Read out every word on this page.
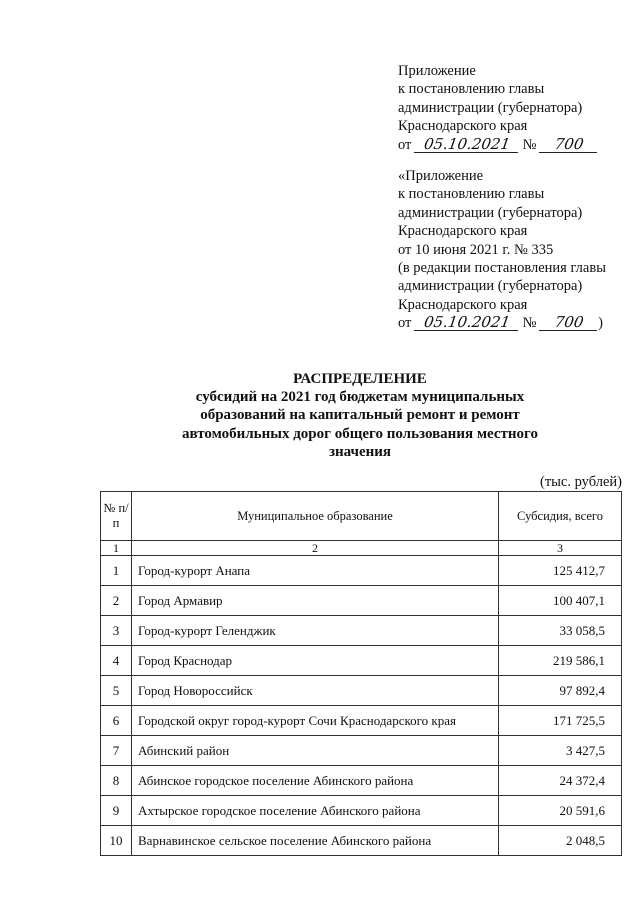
Приложение
к постановлению главы
администрации (губернатора)
Краснодарского края
от 05.10.2021 № 700
«Приложение
к постановлению главы
администрации (губернатора)
Краснодарского края
от 10 июня 2021 г. № 335
(в редакции постановления главы
администрации (губернатора)
Краснодарского края
от 05.10.2021 № 700 )
РАСПРЕДЕЛЕНИЕ
субсидий на 2021 год бюджетам муниципальных
образований на капитальный ремонт и ремонт
автомобильных дорог общего пользования местного
значения
(тыс. рублей)
№ п/п	Муниципальное образование	Субсидия, всего
1	2	3
1	Город-курорт Анапа	125 412,7
2	Город Армавир	100 407,1
3	Город-курорт Геленджик	33 058,5
4	Город Краснодар	219 586,1
5	Город Новороссийск	97 892,4
6	Городской округ город-курорт Сочи Краснодарского края	171 725,5
7	Абинский район	3 427,5
8	Абинское городское поселение Абинского района	24 372,4
9	Ахтырское городское поселение Абинского района	20 591,6
10	Варнавинское сельское поселение Абинского района	2 048,5
